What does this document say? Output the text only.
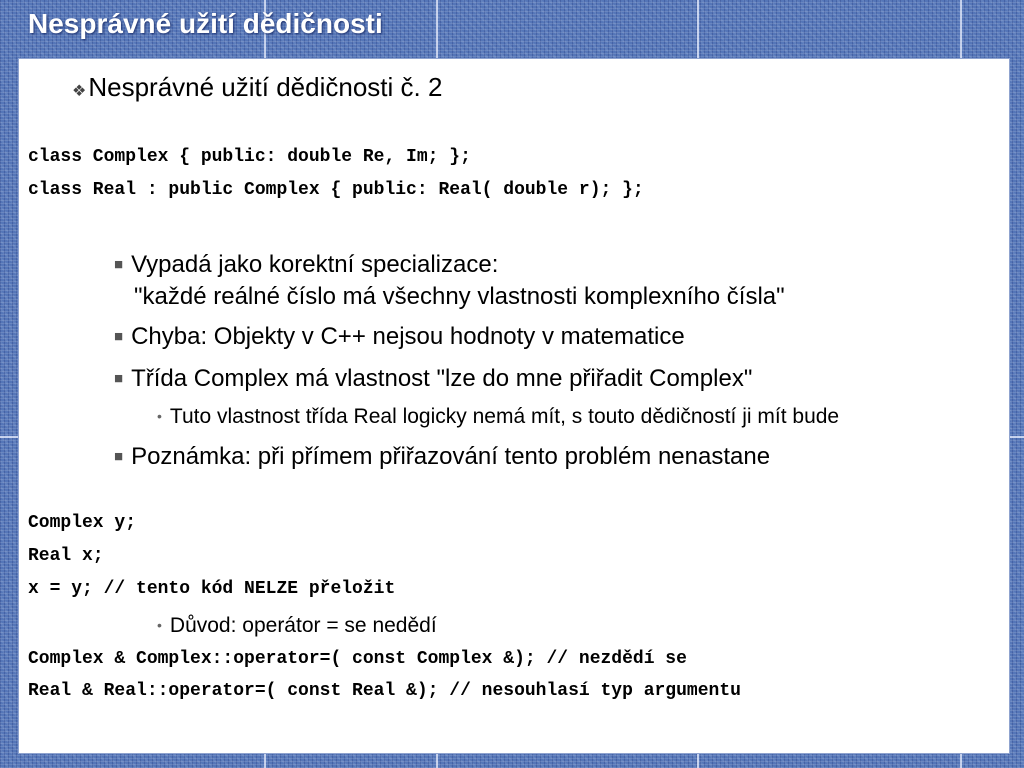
Nesprávné užití dědičnosti
❖Nesprávné užití dědičnosti č. 2
class Complex { public: double Re, Im; };
class Real : public Complex { public: Real( double r); };
■ Vypadá jako korektní specializace:
"každé reálné číslo má všechny vlastnosti komplexního čísla"
■ Chyba: Objekty v C++ nejsou hodnoty v matematice
■ Třída Complex má vlastnost "lze do mne přiřadit Complex"
• Tuto vlastnost třída Real logicky nemá mít, s touto dědičností ji mít bude
■ Poznámka: při přímem přiřazování tento problém nenastane
Complex y;
Real x;
x = y; // tento kód NELZE přeložit
• Důvod: operátor = se nedědí
Complex & Complex::operator=( const Complex &); // nezdědí se
Real & Real::operator=( const Real &); // nesouhlasí typ argumentu
